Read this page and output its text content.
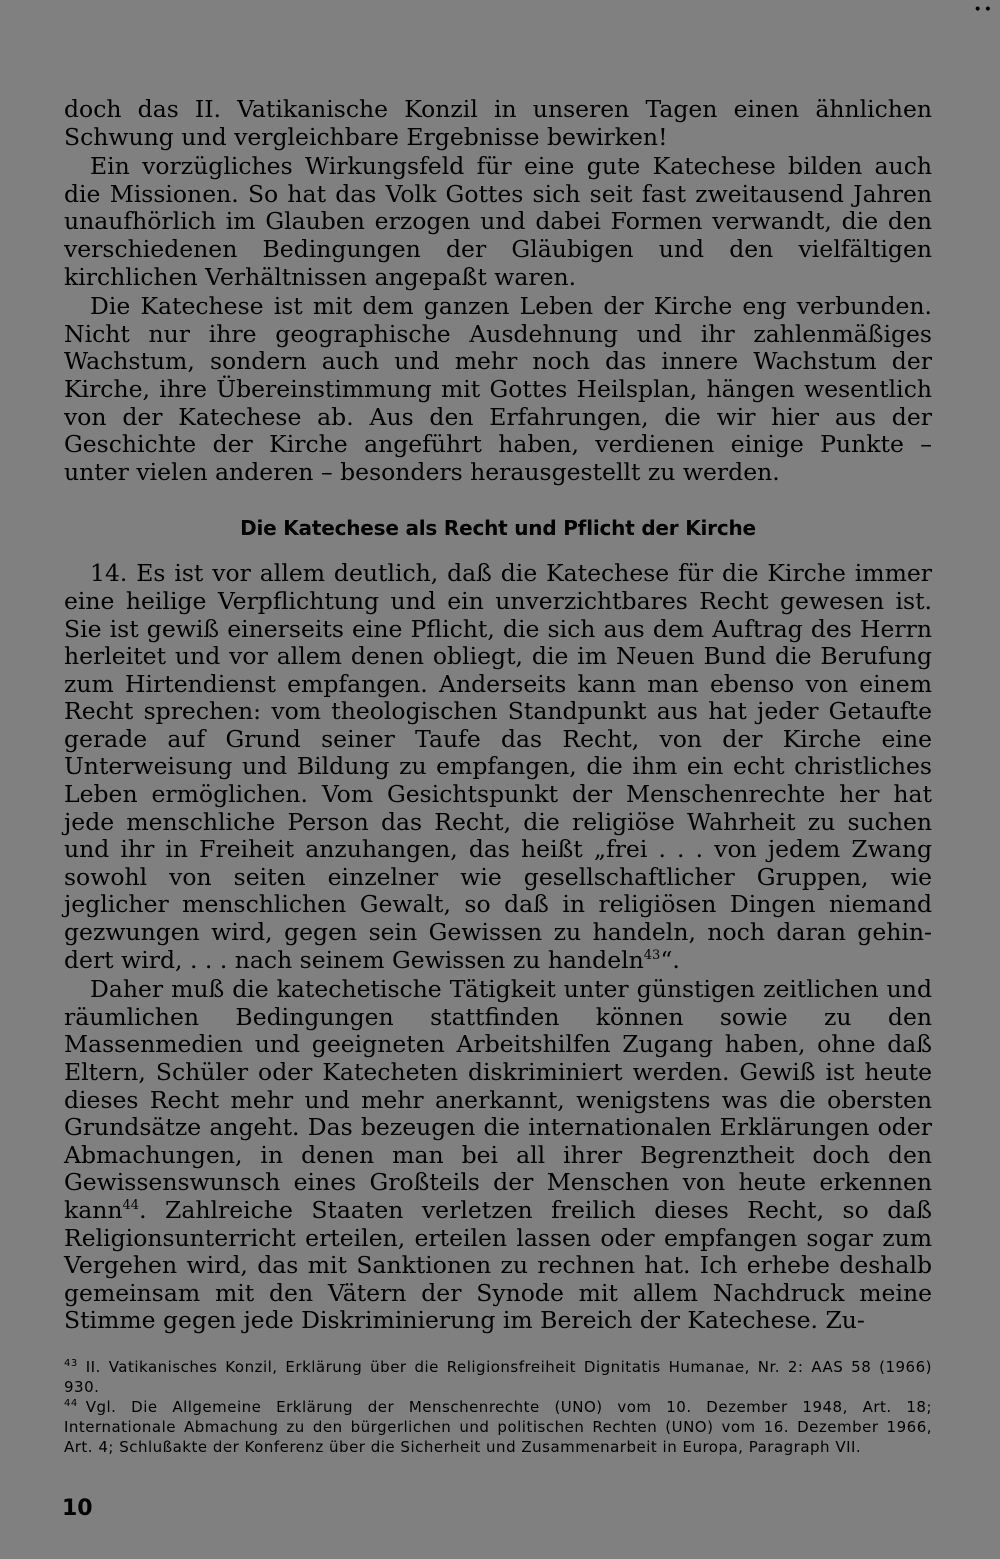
••

doch das II. Vatikanische Konzil in unseren Tagen einen ähnlichen Schwung und vergleichbare Ergebnisse bewirken!

Ein vorzügliches Wirkungsfeld für eine gute Katechese bilden auch die Missionen. So hat das Volk Gottes sich seit fast zweitausend Jahren unaufhörlich im Glauben erzogen und dabei Formen verwandt, die den verschiedenen Bedingungen der Gläubigen und den vielfältigen kirchlichen Verhältnissen angepaßt waren.

Die Katechese ist mit dem ganzen Leben der Kirche eng verbunden. Nicht nur ihre geographische Ausdehnung und ihr zahlenmäßiges Wachstum, sondern auch und mehr noch das innere Wachstum der Kirche, ihre Übereinstimmung mit Gottes Heilsplan, hängen wesentlich von der Katechese ab. Aus den Erfahrungen, die wir hier aus der Geschichte der Kirche angeführt haben, verdienen einige Punkte – unter vielen anderen – besonders herausgestellt zu werden.

Die Katechese als Recht und Pflicht der Kirche

14. Es ist vor allem deutlich, daß die Katechese für die Kirche immer eine heilige Verpflichtung und ein unverzichtbares Recht gewesen ist. Sie ist gewiß einerseits eine Pflicht, die sich aus dem Auftrag des Herrn herleitet und vor allem denen obliegt, die im Neuen Bund die Berufung zum Hirtendienst empfangen. Anderseits kann man ebenso von einem Recht sprechen: vom theologischen Standpunkt aus hat jeder Getaufte gerade auf Grund seiner Taufe das Recht, von der Kirche eine Unterweisung und Bildung zu empfangen, die ihm ein echt christliches Leben ermöglichen. Vom Gesichtspunkt der Menschenrechte her hat jede menschliche Person das Recht, die religiöse Wahrheit zu suchen und ihr in Freiheit anzuhangen, das heißt „frei . . . von jedem Zwang sowohl von seiten einzelner wie gesellschaftlicher Gruppen, wie jeglicher menschlichen Gewalt, so daß in religiösen Dingen niemand gezwungen wird, gegen sein Gewissen zu handeln, noch daran gehindert wird, . . . nach seinem Gewissen zu handeln$^{43}$“.

Daher muß die katechetische Tätigkeit unter günstigen zeitlichen und räumlichen Bedingungen stattfinden können sowie zu den Massenmedien und geeigneten Arbeitshilfen Zugang haben, ohne daß Eltern, Schüler oder Katecheten diskriminiert werden. Gewiß ist heute dieses Recht mehr und mehr anerkannt, wenigstens was die obersten Grundsätze angeht. Das bezeugen die internationalen Erklärungen oder Abmachungen, in denen man bei all ihrer Begrenztheit doch den Gewissenswunsch eines Großteils der Menschen von heute erkennen kann$^{44}$. Zahlreiche Staaten verletzen freilich dieses Recht, so daß Religionsunterricht erteilen, erteilen lassen oder empfangen sogar zum Vergehen wird, das mit Sanktionen zu rechnen hat. Ich erhebe deshalb gemeinsam mit den Vätern der Synode mit allem Nachdruck meine Stimme gegen jede Diskriminierung im Bereich der Katechese. Zu-

$^{43}$ II. Vatikanisches Konzil, Erklärung über die Religionsfreiheit Dignitatis Humanae, Nr. 2: AAS 58 (1966) 930.

$^{44}$ Vgl. Die Allgemeine Erklärung der Menschenrechte (UNO) vom 10. Dezember 1948, Art. 18; Internationale Abmachung zu den bürgerlichen und politischen Rechten (UNO) vom 16. Dezember 1966, Art. 4; Schlußakte der Konferenz über die Sicherheit und Zusammenarbeit in Europa, Paragraph VII.

10
